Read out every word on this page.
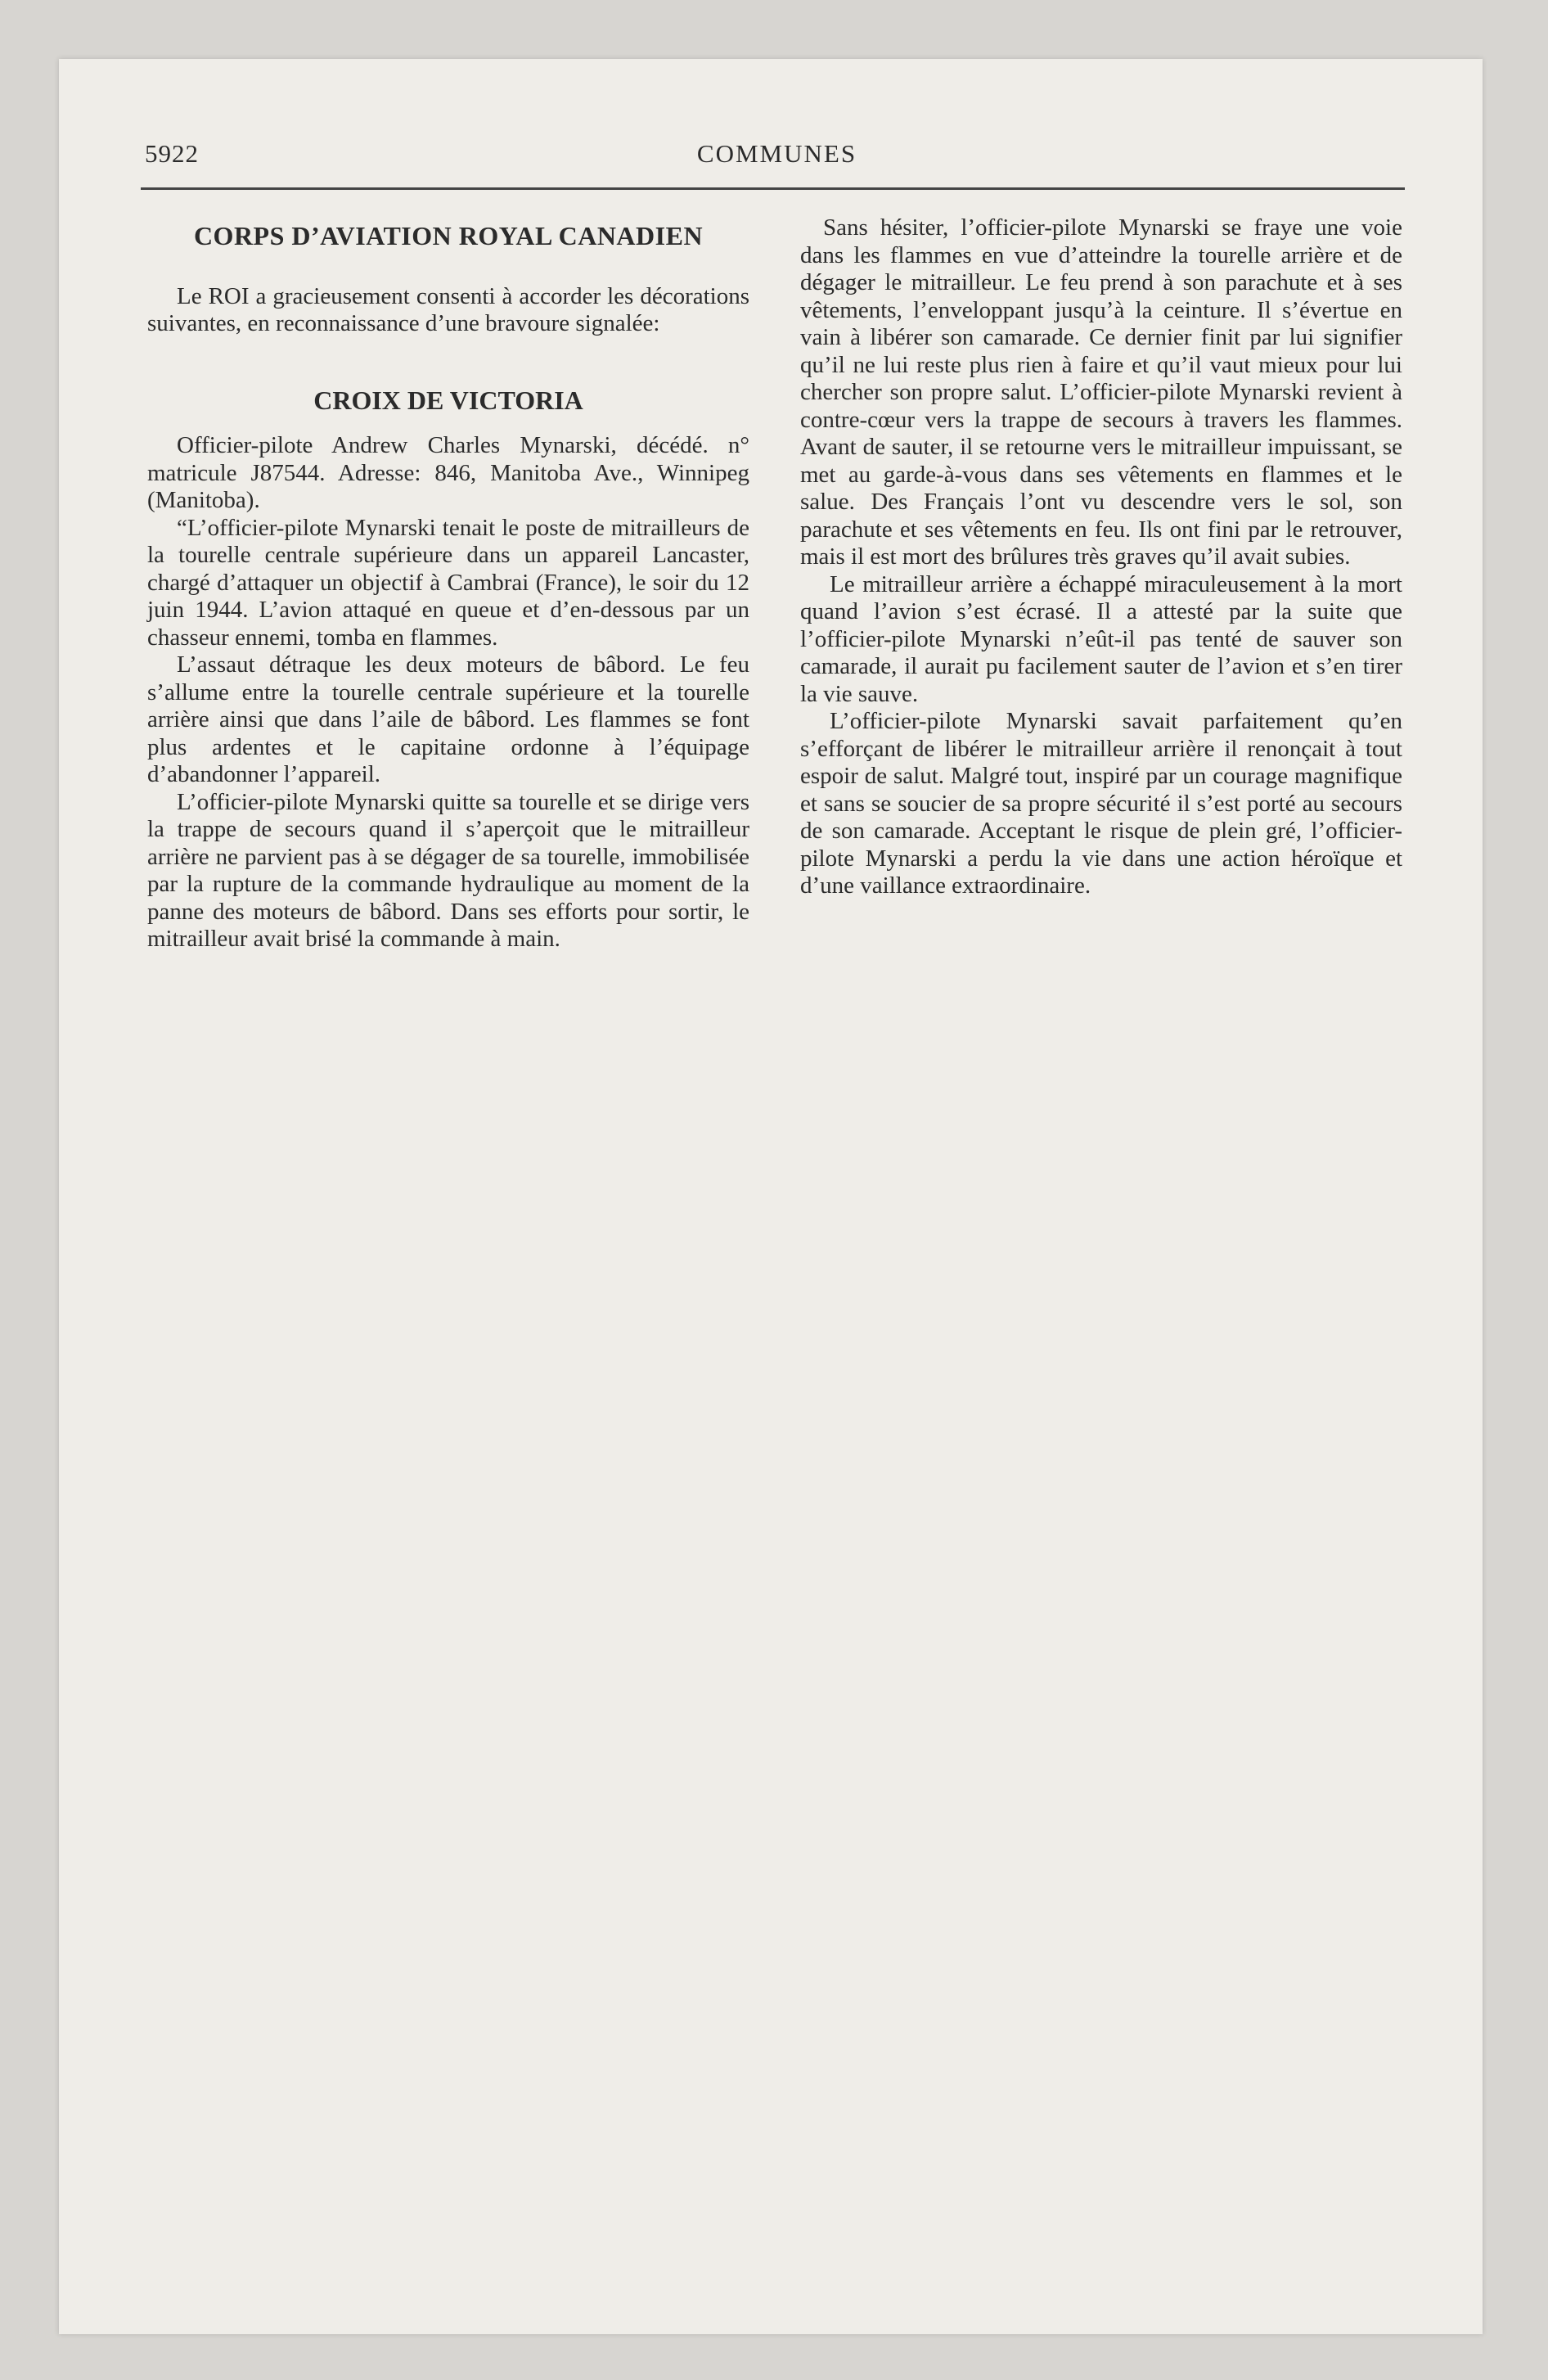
5922	COMMUNES
CORPS D’AVIATION ROYAL CANADIEN

Le ROI a gracieusement consenti à accorder les décorations suivantes, en reconnaissance d’une bravoure signalée:

CROIX DE VICTORIA

Officier-pilote Andrew Charles Mynarski, décédé. n° matricule J87544. Adresse: 846, Manitoba Ave., Winnipeg (Manitoba).

“L’officier-pilote Mynarski tenait le poste de mitrailleurs de la tourelle centrale supérieure dans un appareil Lancaster, chargé d’attaquer un objectif à Cambrai (France), le soir du 12 juin 1944. L’avion attaqué en queue et d’en-dessous par un chasseur ennemi, tomba en flammes.

L’assaut détraque les deux moteurs de bâbord. Le feu s’allume entre la tourelle centrale supérieure et la tourelle arrière ainsi que dans l’aile de bâbord. Les flammes se font plus ardentes et le capitaine ordonne à l’équipage d’abandonner l’appareil.

L’officier-pilote Mynarski quitte sa tourelle et se dirige vers la trappe de secours quand il s’aperçoit que le mitrailleur arrière ne parvient pas à se dégager de sa tourelle, immobilisée par la rupture de la commande hydraulique au moment de la panne des moteurs de bâbord. Dans ses efforts pour sortir, le mitrailleur avait brisé la commande à main.

Sans hésiter, l’officier-pilote Mynarski se fraye une voie dans les flammes en vue d’atteindre la tourelle arrière et de dégager le mitrailleur. Le feu prend à son parachute et à ses vêtements, l’enveloppant jusqu’à la ceinture. Il s’évertue en vain à libérer son camarade. Ce dernier finit par lui signifier qu’il ne lui reste plus rien à faire et qu’il vaut mieux pour lui chercher son propre salut. L’officier-pilote Mynarski revient à contre-cœur vers la trappe de secours à travers les flammes. Avant de sauter, il se retourne vers le mitrailleur impuissant, se met au garde-à-vous dans ses vêtements en flammes et le salue. Des Français l’ont vu descendre vers le sol, son parachute et ses vêtements en feu. Ils ont fini par le retrouver, mais il est mort des brûlures très graves qu’il avait subies.

Le mitrailleur arrière a échappé miraculeusement à la mort quand l’avion s’est écrasé. Il a attesté par la suite que l’officier-pilote Mynarski n’eût-il pas tenté de sauver son camarade, il aurait pu facilement sauter de l’avion et s’en tirer la vie sauve.

L’officier-pilote Mynarski savait parfaitement qu’en s’efforçant de libérer le mitrailleur arrière il renonçait à tout espoir de salut. Malgré tout, inspiré par un courage magnifique et sans se soucier de sa propre sécurité il s’est porté au secours de son camarade. Acceptant le risque de plein gré, l’officier-pilote Mynarski a perdu la vie dans une action héroïque et d’une vaillance extraordinaire.
